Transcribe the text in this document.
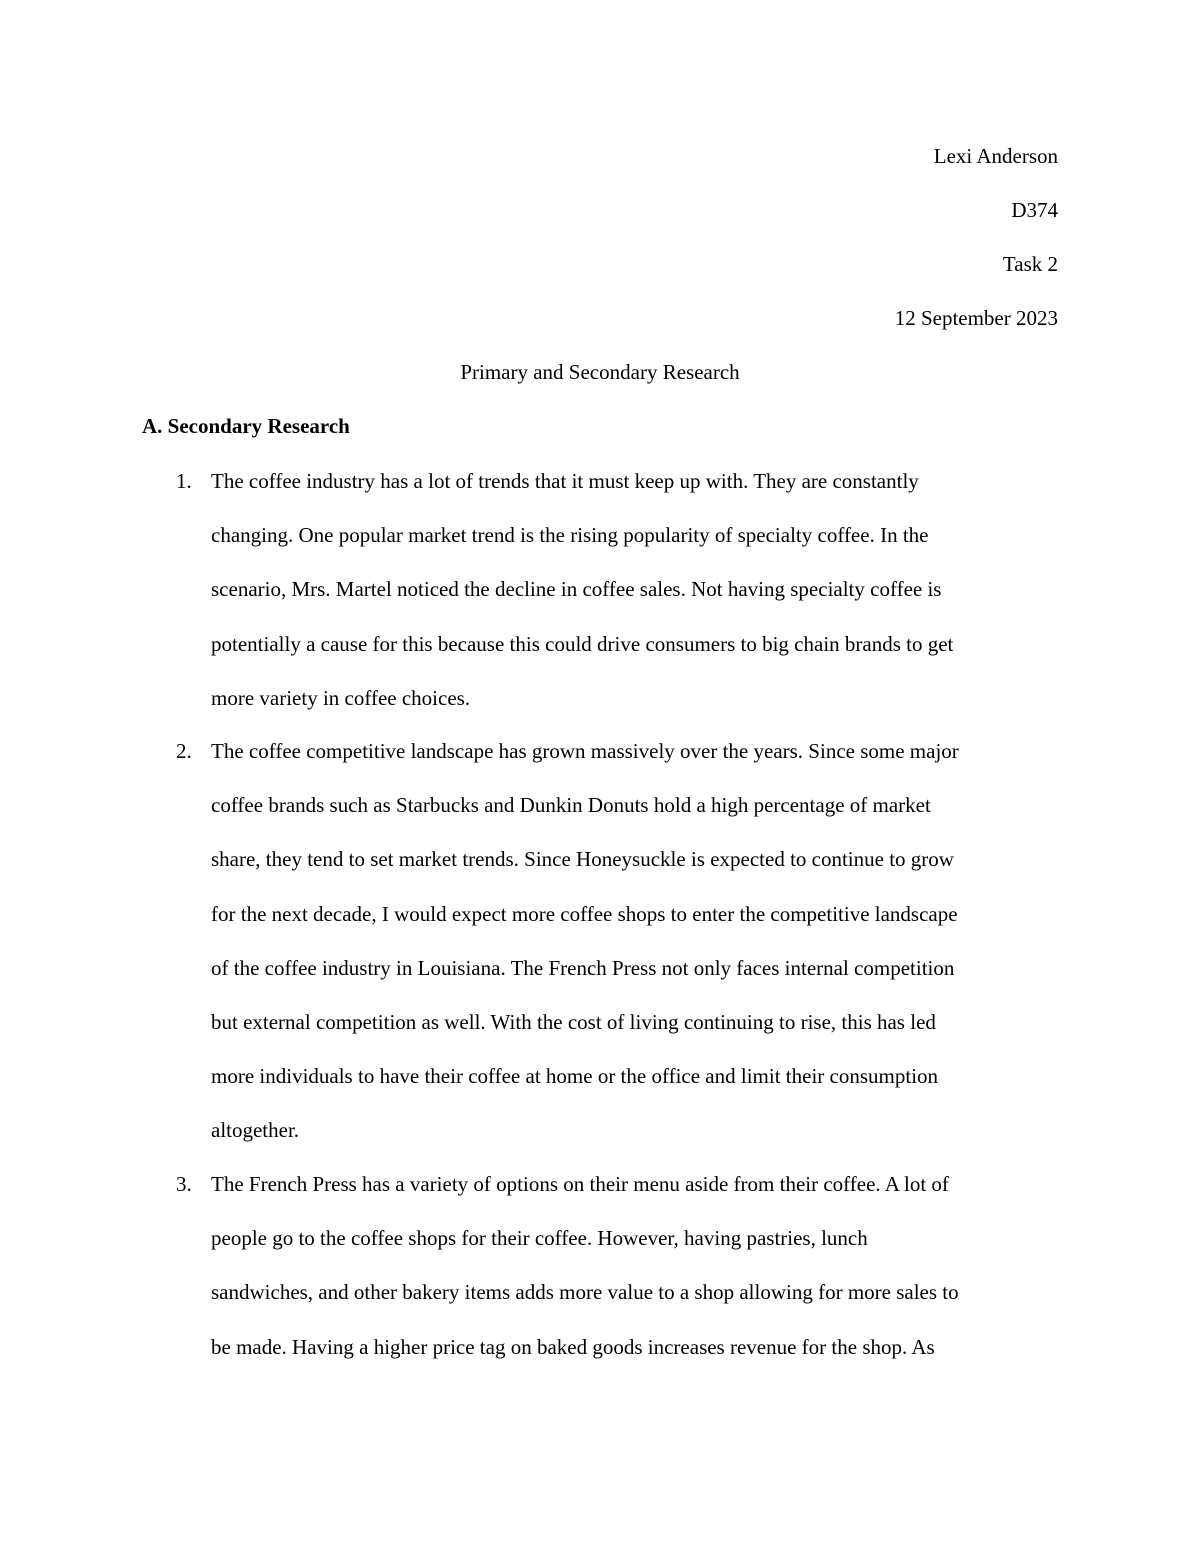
Lexi Anderson
D374
Task 2
12 September 2023
Primary and Secondary Research
A. Secondary Research
1. The coffee industry has a lot of trends that it must keep up with. They are constantly
changing. One popular market trend is the rising popularity of specialty coffee. In the
scenario, Mrs. Martel noticed the decline in coffee sales. Not having specialty coffee is
potentially a cause for this because this could drive consumers to big chain brands to get
more variety in coffee choices.
2. The coffee competitive landscape has grown massively over the years. Since some major
coffee brands such as Starbucks and Dunkin Donuts hold a high percentage of market
share, they tend to set market trends. Since Honeysuckle is expected to continue to grow
for the next decade, I would expect more coffee shops to enter the competitive landscape
of the coffee industry in Louisiana. The French Press not only faces internal competition
but external competition as well. With the cost of living continuing to rise, this has led
more individuals to have their coffee at home or the office and limit their consumption
altogether.
3. The French Press has a variety of options on their menu aside from their coffee. A lot of
people go to the coffee shops for their coffee. However, having pastries, lunch
sandwiches, and other bakery items adds more value to a shop allowing for more sales to
be made. Having a higher price tag on baked goods increases revenue for the shop. As
